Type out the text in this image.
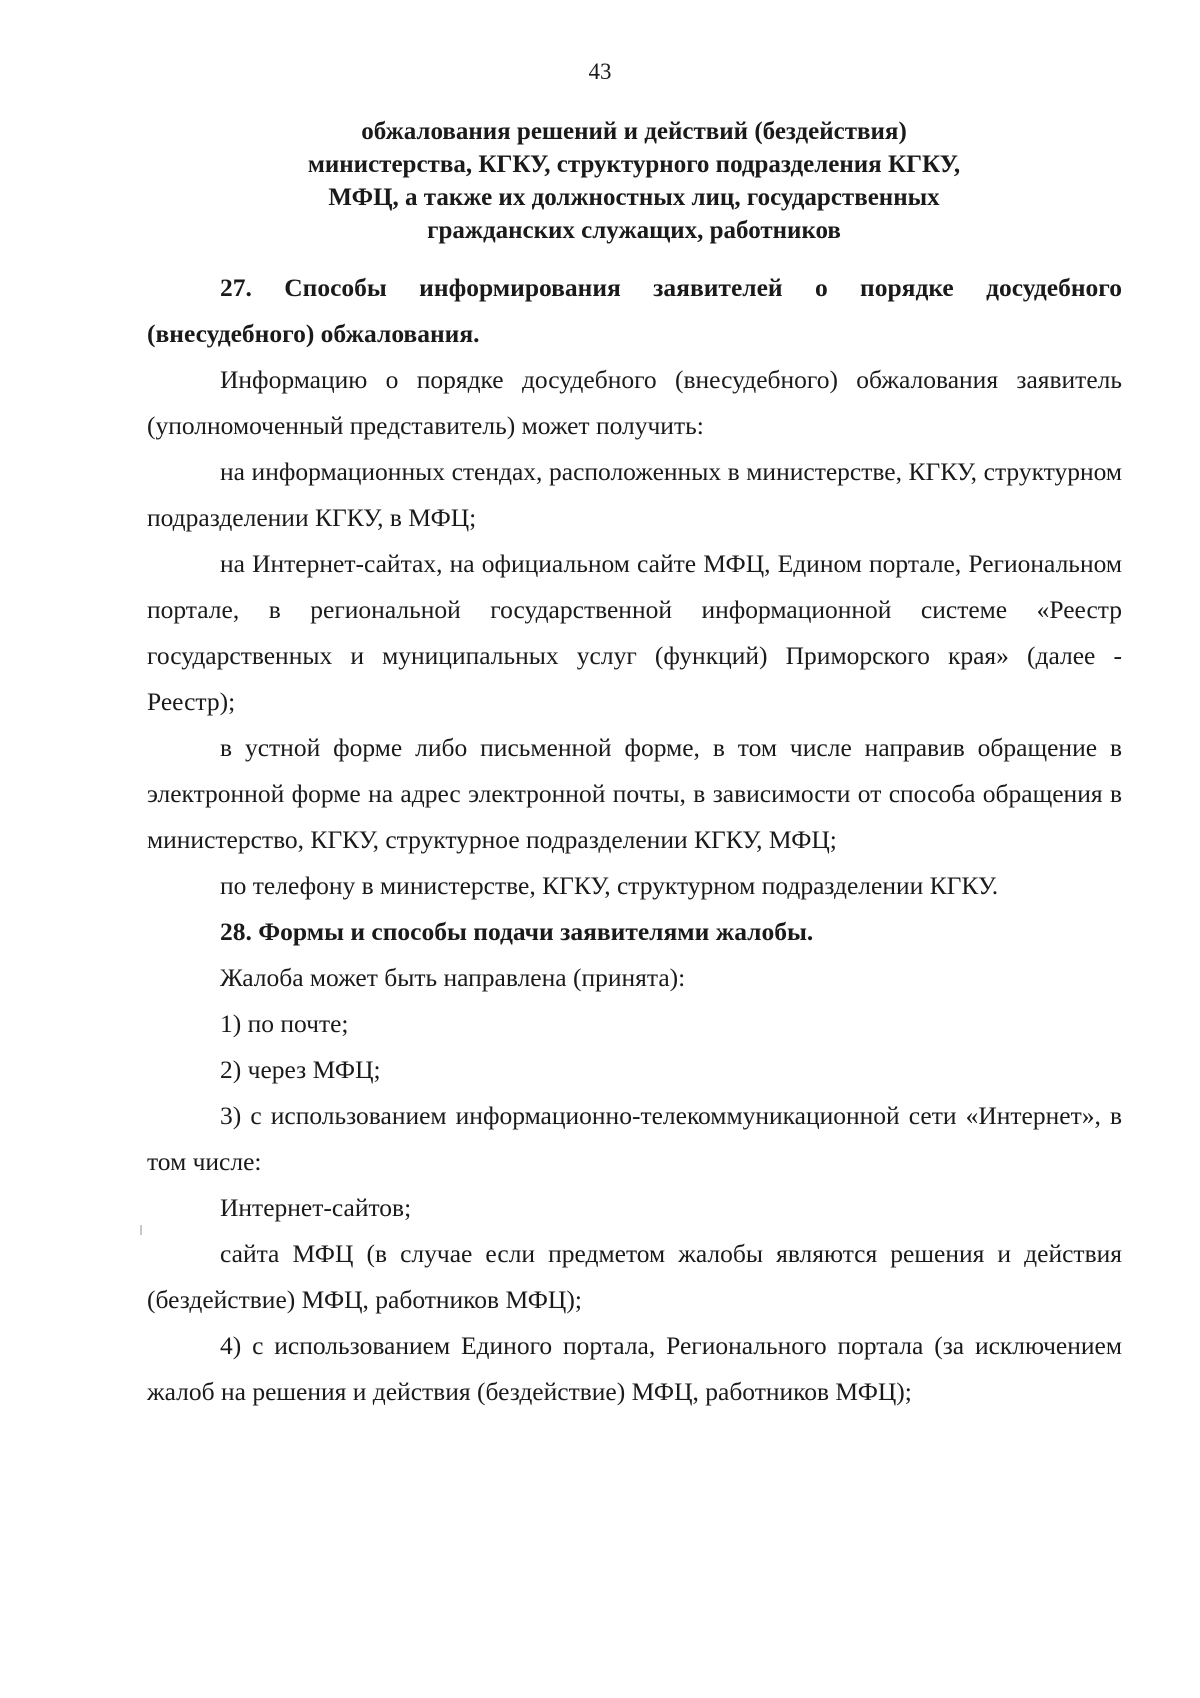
43
обжалования решений и действий (бездействия)
министерства, КГКУ, структурного подразделения КГКУ,
МФЦ, а также их должностных лиц, государственных
гражданских служащих, работников

27. Способы информирования заявителей о порядке досудебного (внесудебного) обжалования.

Информацию о порядке досудебного (внесудебного) обжалования заявитель (уполномоченный представитель) может получить:

на информационных стендах, расположенных в министерстве, КГКУ, структурном подразделении КГКУ, в МФЦ;

на Интернет-сайтах, на официальном сайте МФЦ, Едином портале, Региональном портале, в региональной государственной информационной системе «Реестр государственных и муниципальных услуг (функций) Приморского края» (далее - Реестр);

в устной форме либо письменной форме, в том числе направив обращение в электронной форме на адрес электронной почты, в зависимости от способа обращения в министерство, КГКУ, структурное подразделении КГКУ, МФЦ;

по телефону в министерстве, КГКУ, структурном подразделении КГКУ.

28. Формы и способы подачи заявителями жалобы.

Жалоба может быть направлена (принята):

1) по почте;

2) через МФЦ;

3) с использованием информационно-телекоммуникационной сети «Интернет», в том числе:

Интернет-сайтов;

сайта МФЦ (в случае если предметом жалобы являются решения и действия (бездействие) МФЦ, работников МФЦ);

4) с использованием Единого портала, Регионального портала (за исключением жалоб на решения и действия (бездействие) МФЦ, работников МФЦ);
